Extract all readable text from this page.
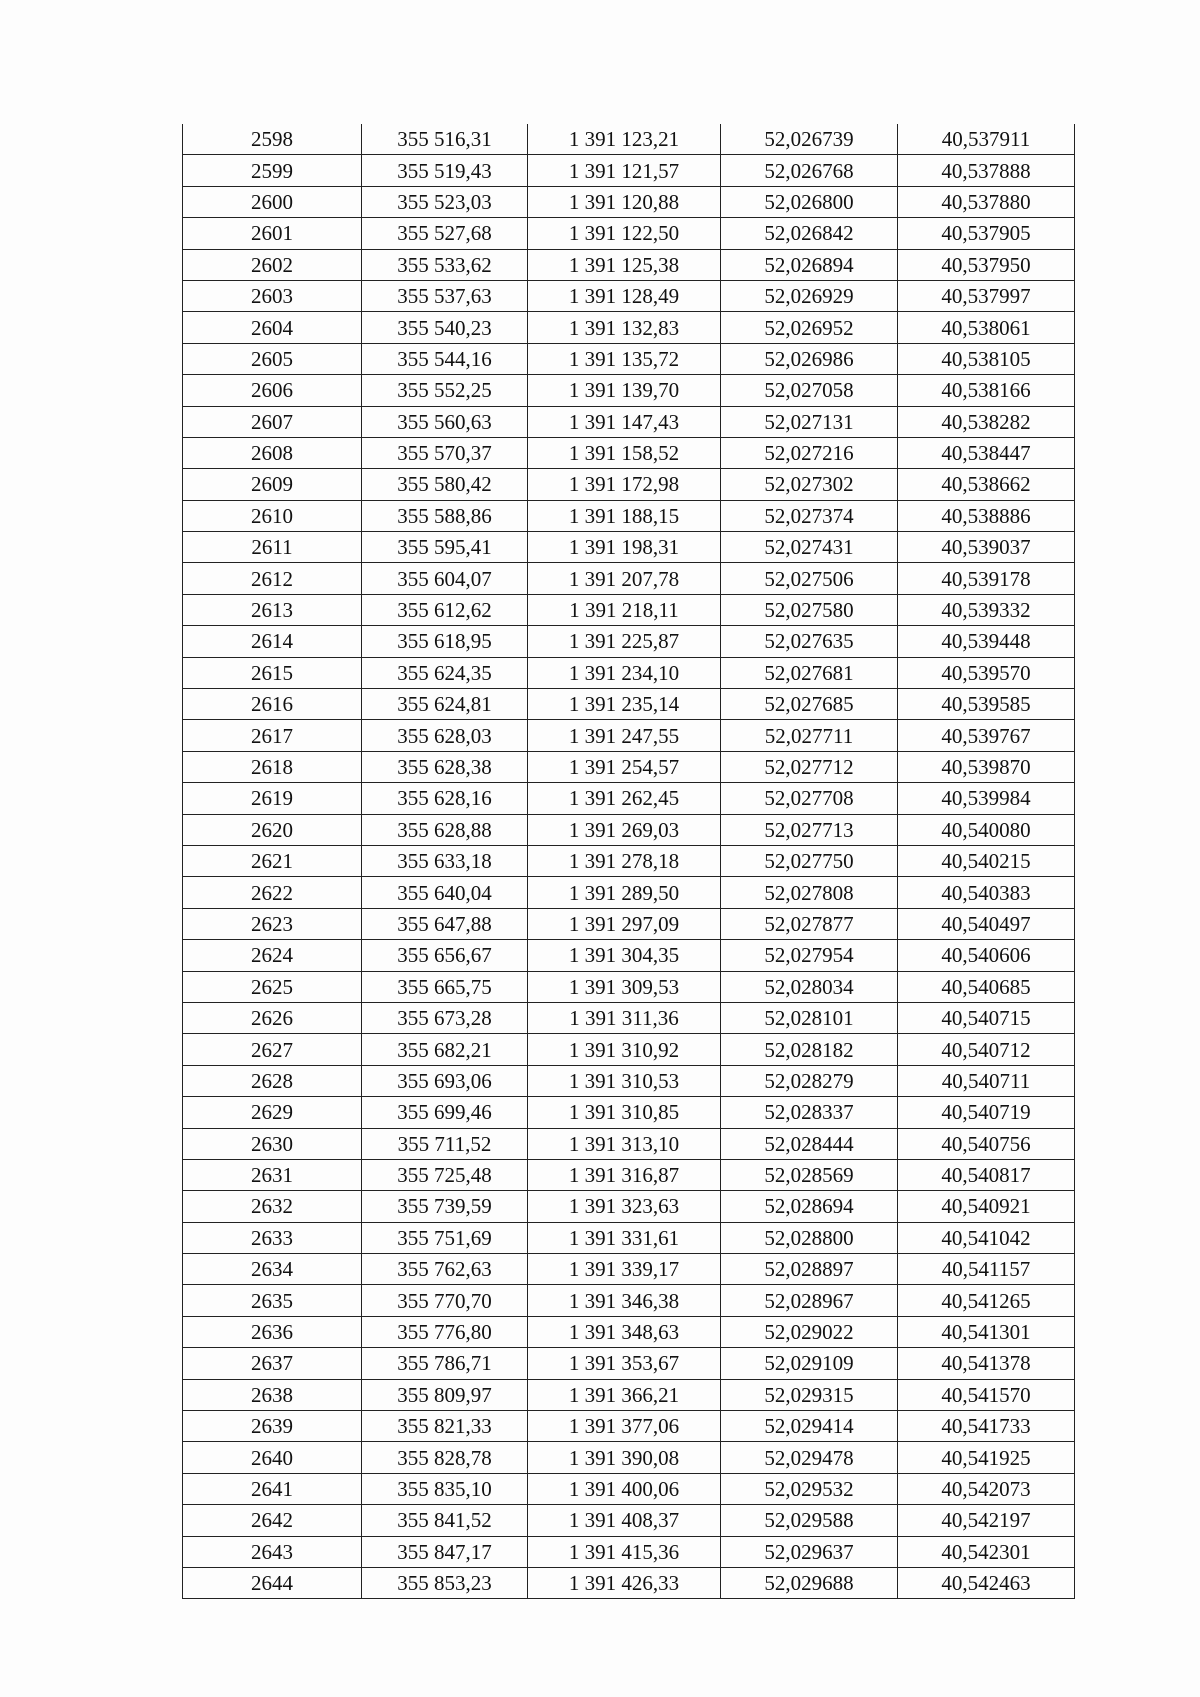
2598	355 516,31	1 391 123,21	52,026739	40,537911
2599	355 519,43	1 391 121,57	52,026768	40,537888
2600	355 523,03	1 391 120,88	52,026800	40,537880
2601	355 527,68	1 391 122,50	52,026842	40,537905
2602	355 533,62	1 391 125,38	52,026894	40,537950
2603	355 537,63	1 391 128,49	52,026929	40,537997
2604	355 540,23	1 391 132,83	52,026952	40,538061
2605	355 544,16	1 391 135,72	52,026986	40,538105
2606	355 552,25	1 391 139,70	52,027058	40,538166
2607	355 560,63	1 391 147,43	52,027131	40,538282
2608	355 570,37	1 391 158,52	52,027216	40,538447
2609	355 580,42	1 391 172,98	52,027302	40,538662
2610	355 588,86	1 391 188,15	52,027374	40,538886
2611	355 595,41	1 391 198,31	52,027431	40,539037
2612	355 604,07	1 391 207,78	52,027506	40,539178
2613	355 612,62	1 391 218,11	52,027580	40,539332
2614	355 618,95	1 391 225,87	52,027635	40,539448
2615	355 624,35	1 391 234,10	52,027681	40,539570
2616	355 624,81	1 391 235,14	52,027685	40,539585
2617	355 628,03	1 391 247,55	52,027711	40,539767
2618	355 628,38	1 391 254,57	52,027712	40,539870
2619	355 628,16	1 391 262,45	52,027708	40,539984
2620	355 628,88	1 391 269,03	52,027713	40,540080
2621	355 633,18	1 391 278,18	52,027750	40,540215
2622	355 640,04	1 391 289,50	52,027808	40,540383
2623	355 647,88	1 391 297,09	52,027877	40,540497
2624	355 656,67	1 391 304,35	52,027954	40,540606
2625	355 665,75	1 391 309,53	52,028034	40,540685
2626	355 673,28	1 391 311,36	52,028101	40,540715
2627	355 682,21	1 391 310,92	52,028182	40,540712
2628	355 693,06	1 391 310,53	52,028279	40,540711
2629	355 699,46	1 391 310,85	52,028337	40,540719
2630	355 711,52	1 391 313,10	52,028444	40,540756
2631	355 725,48	1 391 316,87	52,028569	40,540817
2632	355 739,59	1 391 323,63	52,028694	40,540921
2633	355 751,69	1 391 331,61	52,028800	40,541042
2634	355 762,63	1 391 339,17	52,028897	40,541157
2635	355 770,70	1 391 346,38	52,028967	40,541265
2636	355 776,80	1 391 348,63	52,029022	40,541301
2637	355 786,71	1 391 353,67	52,029109	40,541378
2638	355 809,97	1 391 366,21	52,029315	40,541570
2639	355 821,33	1 391 377,06	52,029414	40,541733
2640	355 828,78	1 391 390,08	52,029478	40,541925
2641	355 835,10	1 391 400,06	52,029532	40,542073
2642	355 841,52	1 391 408,37	52,029588	40,542197
2643	355 847,17	1 391 415,36	52,029637	40,542301
2644	355 853,23	1 391 426,33	52,029688	40,542463
